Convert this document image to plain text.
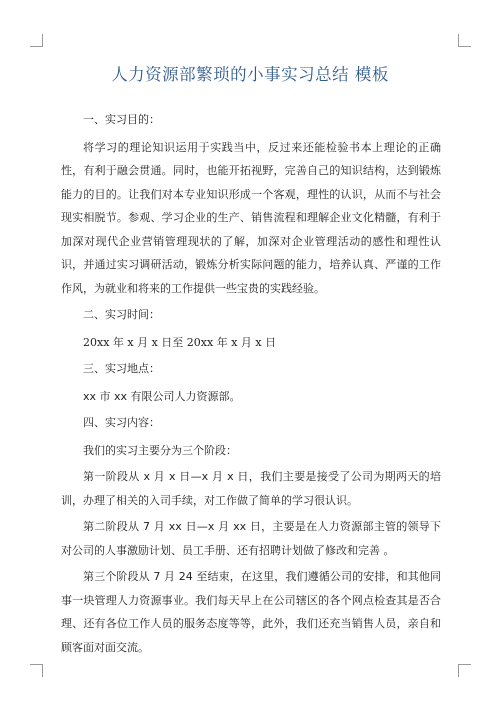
人力资源部繁琐的小事实习总结 模板

一、实习目的：

将学习的理论知识运用于实践当中，反过来还能检验书本上理论的正确性，有利于融会贯通。同时，也能开拓视野，完善自己的知识结构，达到锻炼能力的目的。让我们对本专业知识形成一个客观，理性的认识，从而不与社会现实相脱节。参观、学习企业的生产、销售流程和理解企业文化精髓，有利于加深对现代企业营销管理现状的了解，加深对企业管理活动的感性和理性认识，并通过实习调研活动，锻炼分析实际问题的能力，培养认真、严谨的工作作风，为就业和将来的工作提供一些宝贵的实践经验。

二、实习时间：

20xx 年 x 月 x 日至 20xx 年 x 月 x 日

三、实习地点：

xx 市 xx 有限公司人力资源部。

四、实习内容：

我们的实习主要分为三个阶段：

第一阶段从 x 月 x 日—x 月 x 日，我们主要是接受了公司为期两天的培训，办理了相关的入司手续，对工作做了简单的学习很认识。

第二阶段从 7 月 xx 日—x 月 xx 日，主要是在人力资源部主管的领导下对公司的人事激励计划、员工手册、还有招聘计划做了修改和完善 。

第三个阶段从 7 月 24 至结束，在这里，我们遵循公司的安排，和其他同事一块管理人力资源事业。我们每天早上在公司辖区的各个网点检查其是否合理、还有各位工作人员的服务态度等等，此外，我们还充当销售人员，亲自和顾客面对面交流。
